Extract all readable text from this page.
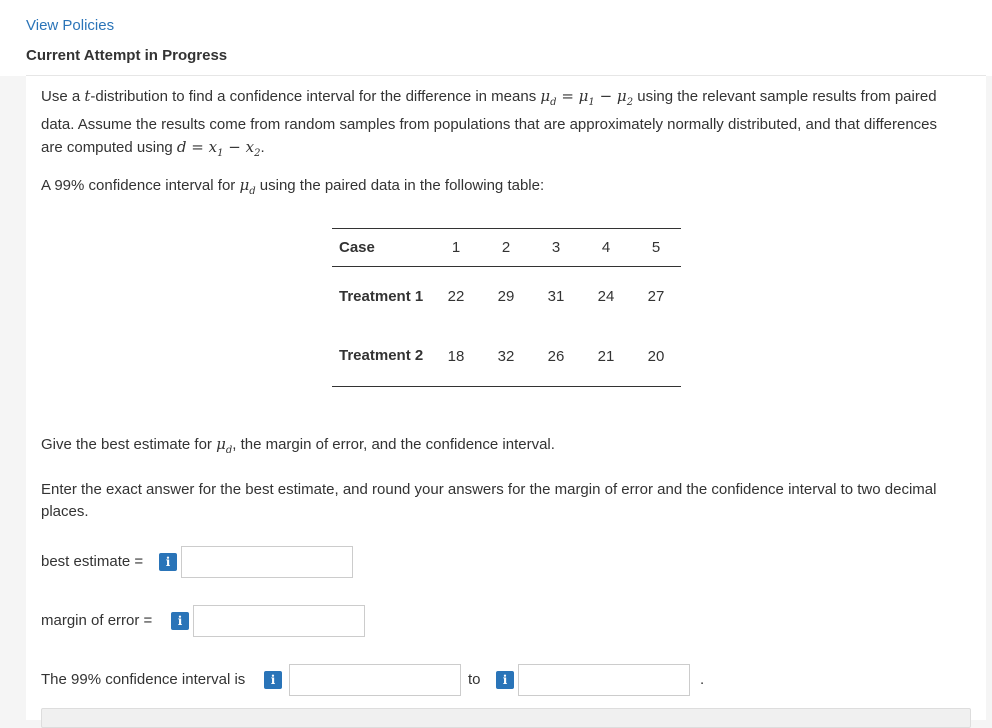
View Policies
Current Attempt in Progress
Use a t-distribution to find a confidence interval for the difference in means $\mu_d = \mu_1 - \mu_2$ using the relevant sample results from paired data. Assume the results come from random samples from populations that are approximately normally distributed, and that differences are computed using $d = x_1 - x_2$.
A 99% confidence interval for $\mu_d$ using the paired data in the following table:
Case	1	2	3	4	5
Treatment 1	22	29	31	24	27
Treatment 2	18	32	26	21	20
Give the best estimate for $\mu_d$, the margin of error, and the confidence interval.
Enter the exact answer for the best estimate, and round your answers for the margin of error and the confidence interval to two decimal places.
best estimate =	i
margin of error =	i
The 99% confidence interval is	i	to	i	.
